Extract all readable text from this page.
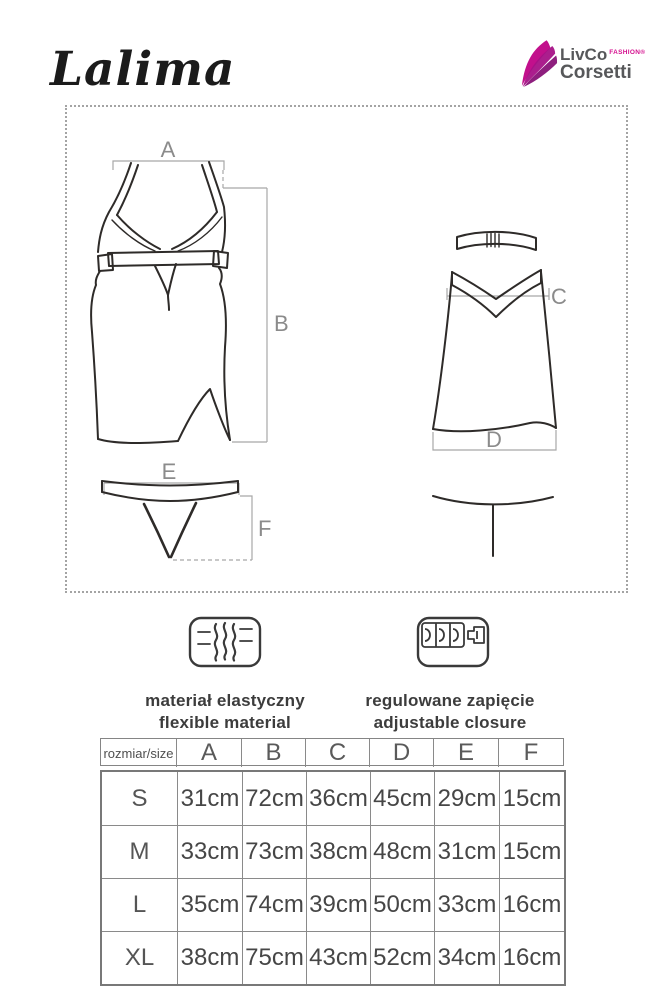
Lalima	LivCo FASHION®
Corsetti
A
B
C
D
E
F
materiał elastyczny
flexible material
regulowane zapięcie
adjustable closure
rozmiar/size	A	B	C	D	E	F
S	31cm 72cm 36cm 45cm 29cm 15cm
M	33cm 73cm 38cm 48cm 31cm 15cm
L	35cm 74cm 39cm 50cm 33cm 16cm
XL	38cm 75cm 43cm 52cm 34cm 16cm
